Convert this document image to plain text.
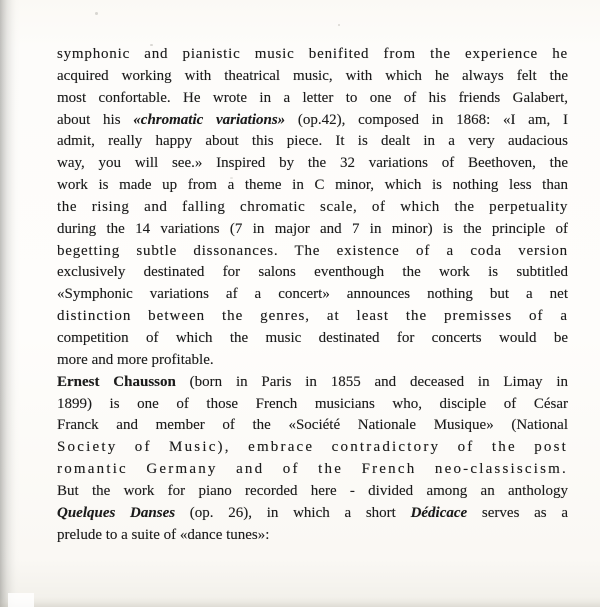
symphonic and pianistic music benifited from the experience he
acquired working with theatrical music, with which he always felt the
most confortable. He wrote in a letter to one of his friends Galabert,
about his «chromatic variations» (op.42), composed in 1868: «I am, I
admit, really happy about this piece. It is dealt in a very audacious
way, you will see.» Inspired by the 32 variations of Beethoven, the
work is made up from a theme in C minor, which is nothing less than
the rising and falling chromatic scale, of which the perpetuality
during the 14 variations (7 in major and 7 in minor) is the principle of
begetting subtle dissonances. The existence of a coda version
exclusively destinated for salons eventhough the work is subtitled
«Symphonic variations af a concert» announces nothing but a net
distinction between the genres, at least the premisses of a
competition of which the music destinated for concerts would be
more and more profitable.
Ernest Chausson (born in Paris in 1855 and deceased in Limay in
1899) is one of those French musicians who, disciple of César
Franck and member of the «Société Nationale Musique» (National
Society of Music), embrace contradictory of the post
romantic Germany and of the French neo-classiscism.
But the work for piano recorded here - divided among an anthology
Quelques Danses (op. 26), in which a short Dédicace serves as a
prelude to a suite of «dance tunes»:
